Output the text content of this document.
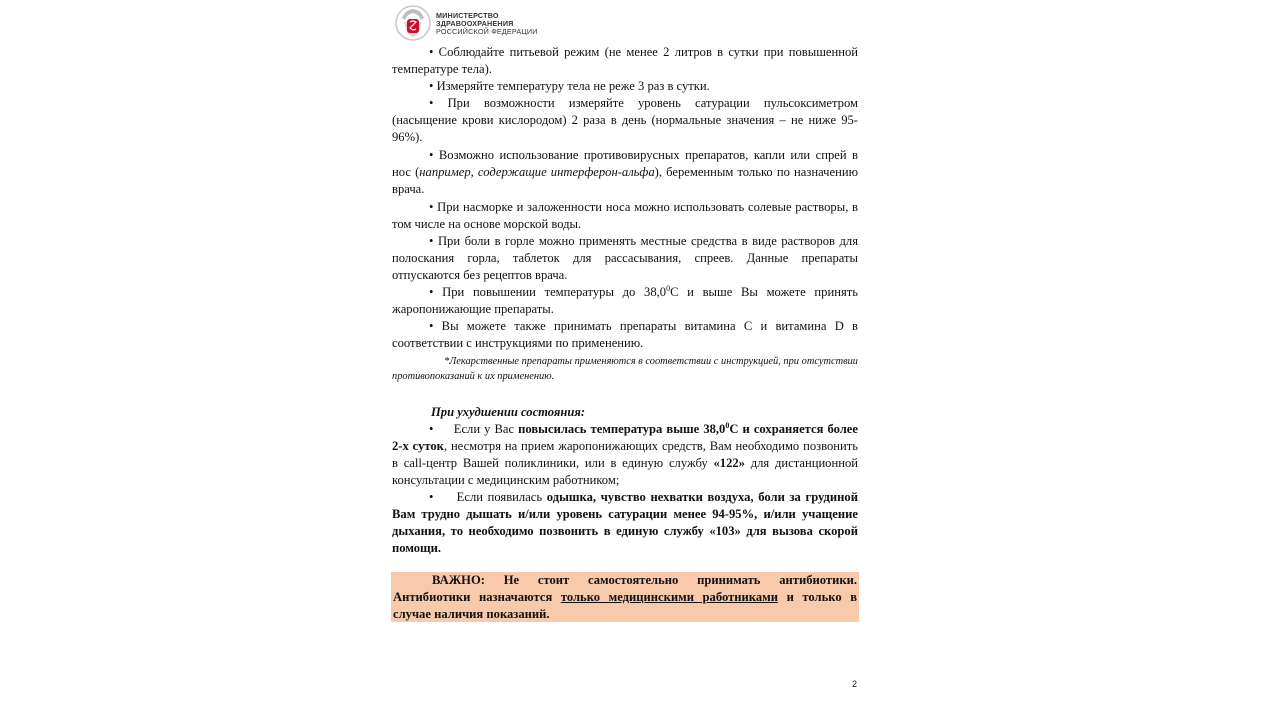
МИНИСТЕРСТВО
ЗДРАВООХРАНЕНИЯ
РОССИЙСКОЙ ФЕДЕРАЦИИ

• Соблюдайте питьевой режим (не менее 2 литров в сутки при повышенной температуре тела).

• Измеряйте температуру тела не реже 3 раз в сутки.

• При возможности измеряйте уровень сатурации пульсоксиметром (насыщение крови кислородом) 2 раза в день (нормальные значения – не ниже 95-96%).

• Возможно использование противовирусных препаратов, капли или спрей в нос (например, содержащие интерферон-альфа), беременным только по назначению врача.

• При насморке и заложенности носа можно использовать солевые растворы, в том числе на основе морской воды.

• При боли в горле можно применять местные средства в виде растворов для полоскания горла, таблеток для рассасывания, спреев. Данные препараты отпускаются без рецептов врача.

• При повышении температуры до 38,0$^0$С и выше Вы можете принять жаропонижающие препараты.

• Вы можете также принимать препараты витамина С и витамина D в соответствии с инструкциями по применению.

*Лекарственные препараты применяются в соответствии с инструкцией, при отсутствии противопоказаний к их применению.

При ухудшении состояния:

•     Если у Вас повысилась температура выше 38,0$^0$С и сохраняется более 2-х суток, несмотря на прием жаропонижающих средств, Вам необходимо позвонить в call-центр Вашей поликлиники, или в единую службу «122» для дистанционной консультации с медицинским работником;

•     Если появилась одышка, чувство нехватки воздуха, боли за грудиной Вам трудно дышать и/или уровень сатурации менее 94-95%, и/или учащение дыхания, то необходимо позвонить в единую службу «103» для вызова скорой помощи.

ВАЖНО: Не стоит самостоятельно принимать антибиотики. Антибиотики назначаются только медицинскими работниками и только в случае наличия показаний.

2
